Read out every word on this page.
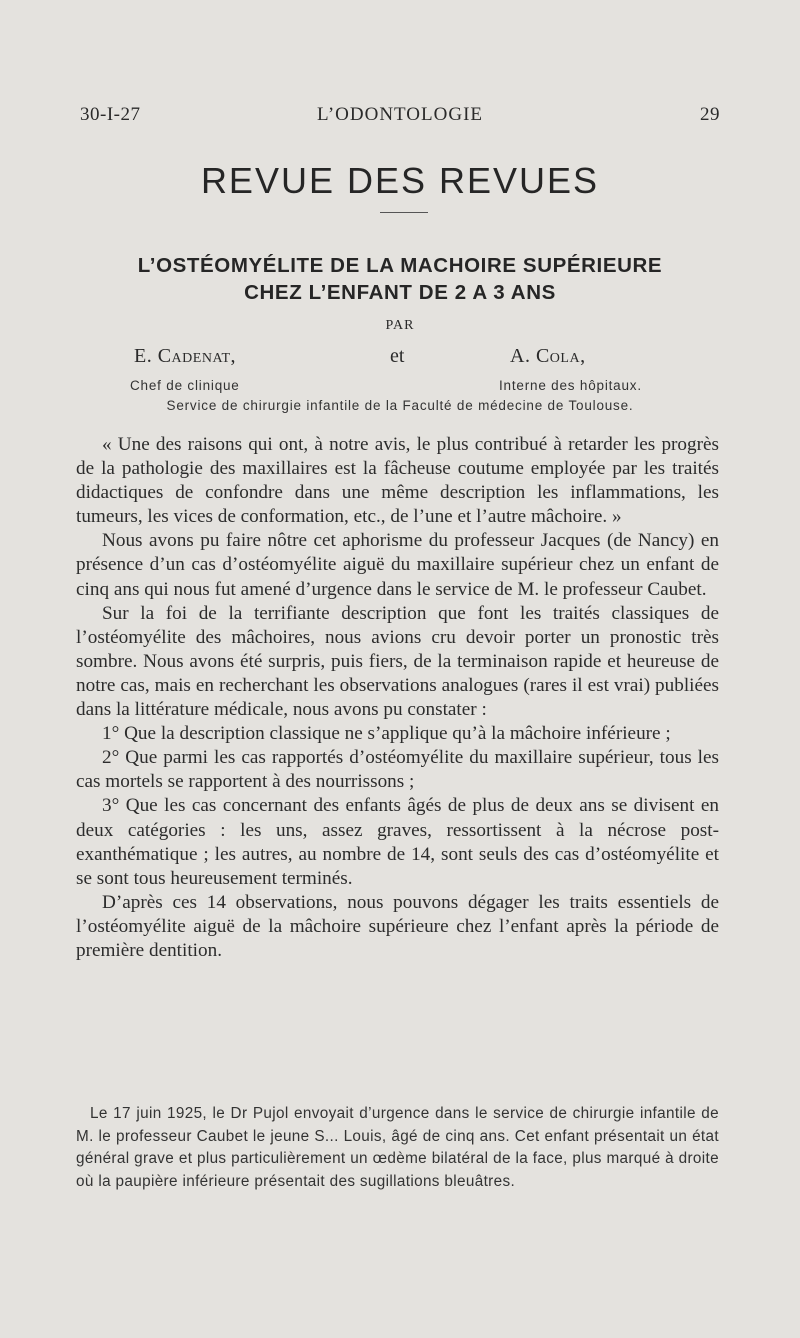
30-I-27	L’ODONTOLOGIE	29
REVUE DES REVUES
L’OSTÉOMYÉLITE DE LA MACHOIRE SUPÉRIEURE
CHEZ L’ENFANT DE 2 A 3 ANS
PAR
E. Cadenat,	et	A. Cola,
Chef de clinique	Interne des hôpitaux.
Service de chirurgie infantile de la Faculté de médecine de Toulouse.

« Une des raisons qui ont, à notre avis, le plus contribué à retarder les progrès de la pathologie des maxillaires est la fâcheuse coutume employée par les traités didactiques de confondre dans une même description les inflammations, les tumeurs, les vices de conformation, etc., de l’une et l’autre mâchoire. »

Nous avons pu faire nôtre cet aphorisme du professeur Jacques (de Nancy) en présence d’un cas d’ostéomyélite aiguë du maxillaire supérieur chez un enfant de cinq ans qui nous fut amené d’urgence dans le service de M. le professeur Caubet.

Sur la foi de la terrifiante description que font les traités classiques de l’ostéomyélite des mâchoires, nous avions cru devoir porter un pronostic très sombre. Nous avons été surpris, puis fiers, de la terminaison rapide et heureuse de notre cas, mais en recherchant les observations analogues (rares il est vrai) publiées dans la littérature médicale, nous avons pu constater :

1° Que la description classique ne s’applique qu’à la mâchoire inférieure ;

2° Que parmi les cas rapportés d’ostéomyélite du maxillaire supérieur, tous les cas mortels se rapportent à des nourrissons ;

3° Que les cas concernant des enfants âgés de plus de deux ans se divisent en deux catégories : les uns, assez graves, ressortissent à la nécrose post-exanthématique ; les autres, au nombre de 14, sont seuls des cas d’ostéomyélite et se sont tous heureusement terminés.

D’après ces 14 observations, nous pouvons dégager les traits essentiels de l’ostéomyélite aiguë de la mâchoire supérieure chez l’enfant après la période de première dentition.

Le 17 juin 1925, le Dr Pujol envoyait d’urgence dans le service de chirurgie infantile de M. le professeur Caubet le jeune S... Louis, âgé de cinq ans. Cet enfant présentait un état général grave et plus particulièrement un œdème bilatéral de la face, plus marqué à droite où la paupière inférieure présentait des sugillations bleuâtres.
